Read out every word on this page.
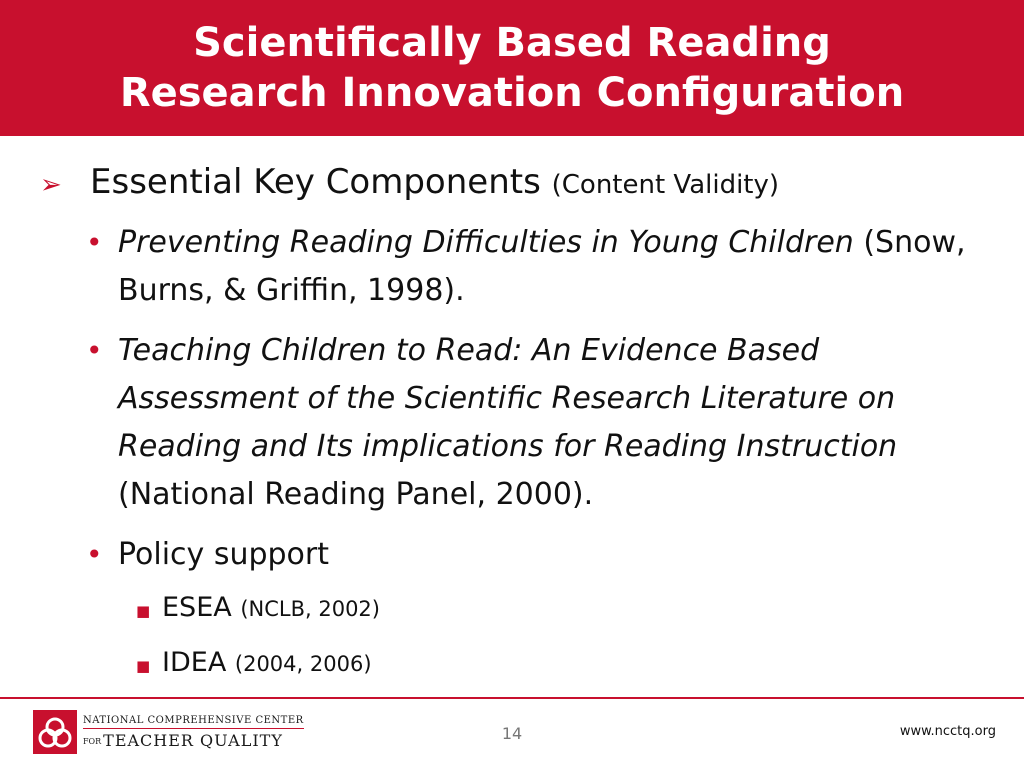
Scientifically Based Reading
Research Innovation Configuration
➢ Essential Key Components (Content Validity)
• Preventing Reading Difficulties in Young Children (Snow, Burns, & Griffin, 1998).
• Teaching Children to Read: An Evidence Based Assessment of the Scientific Research Literature on Reading and Its implications for Reading Instruction (National Reading Panel, 2000).
• Policy support
■ ESEA (NCLB, 2002)
■ IDEA (2004, 2006)
NATIONAL COMPREHENSIVE CENTER
FOR TEACHER QUALITY	14	www.ncctq.org
